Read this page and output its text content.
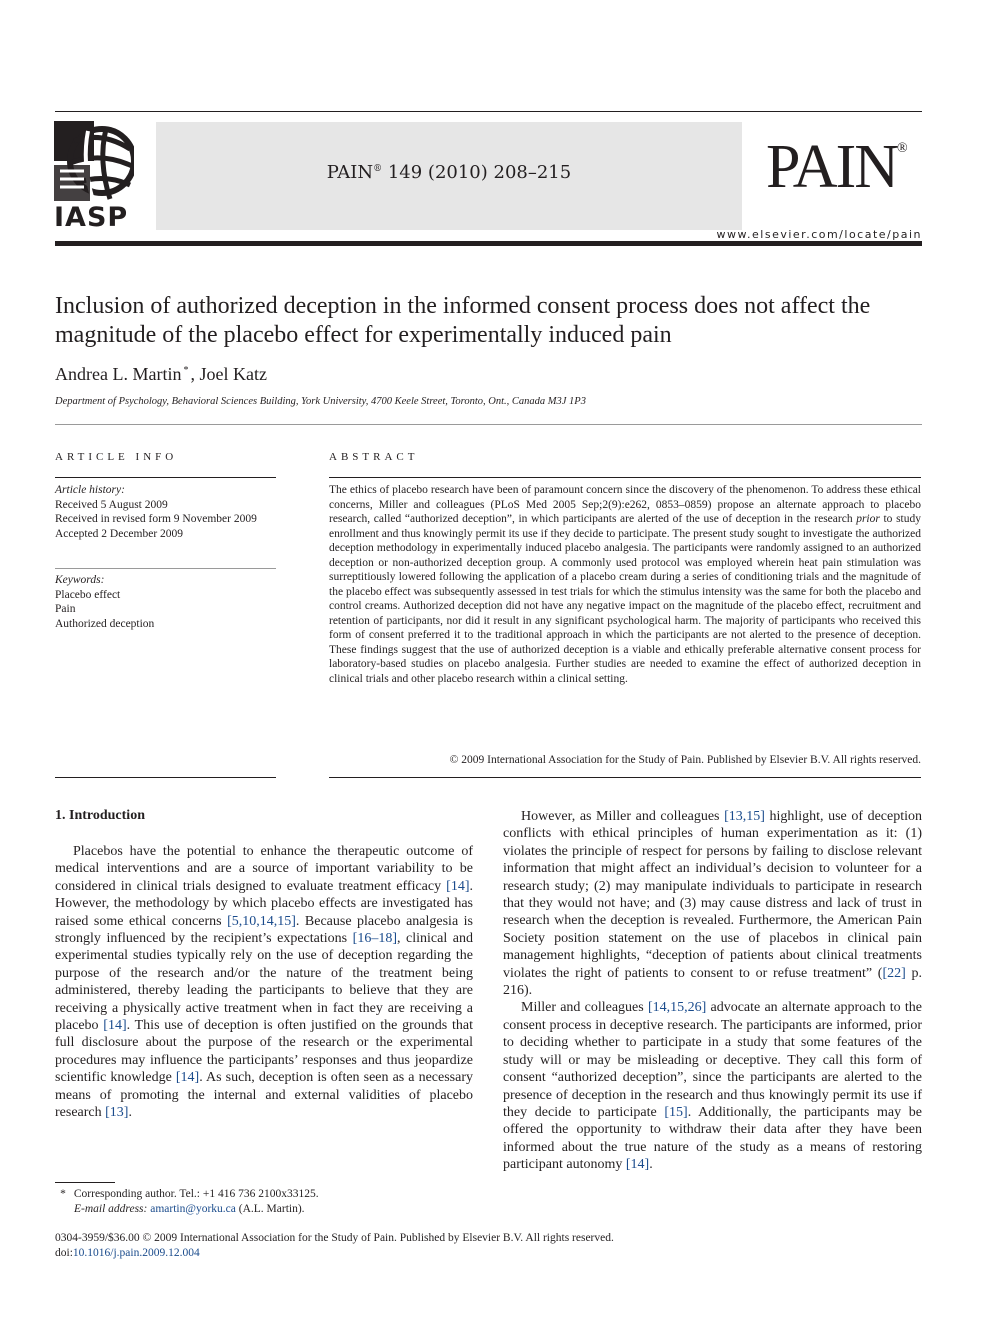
IASP
PAIN® 149 (2010) 208–215	PAIN®
www.elsevier.com/locate/pain
Inclusion of authorized deception in the informed consent process does not affect the magnitude of the placebo effect for experimentally induced pain
Andrea L. Martin * , Joel Katz
Department of Psychology, Behavioral Sciences Building, York University, 4700 Keele Street, Toronto, Ont., Canada M3J 1P3
ARTICLE INFO
Article history:
Received 5 August 2009
Received in revised form 9 November 2009
Accepted 2 December 2009
Keywords:
Placebo effect
Pain
Authorized deception
ABSTRACT
The ethics of placebo research have been of paramount concern since the discovery of the phenomenon. To address these ethical concerns, Miller and colleagues (PLoS Med 2005 Sep;2(9):e262, 0853–0859) propose an alternate approach to placebo research, called “authorized deception”, in which participants are alerted of the use of deception in the research prior to study enrollment and thus knowingly permit its use if they decide to participate. The present study sought to investigate the authorized deception methodology in experimentally induced placebo analgesia. The participants were randomly assigned to an authorized deception or non-authorized deception group. A commonly used protocol was employed wherein heat pain stimulation was surreptitiously lowered following the application of a placebo cream during a series of conditioning trials and the magnitude of the placebo effect was subsequently assessed in test trials for which the stimulus intensity was the same for both the placebo and control creams. Authorized deception did not have any negative impact on the magnitude of the placebo effect, recruitment and retention of participants, nor did it result in any significant psychological harm. The majority of participants who received this form of consent preferred it to the traditional approach in which the participants are not alerted to the presence of deception. These findings suggest that the use of authorized deception is a viable and ethically preferable alternative consent process for laboratory-based studies on placebo analgesia. Further studies are needed to examine the effect of authorized deception in clinical trials and other placebo research within a clinical setting.
© 2009 International Association for the Study of Pain. Published by Elsevier B.V. All rights reserved.
1. Introduction

Placebos have the potential to enhance the therapeutic outcome of medical interventions and are a source of important variability to be considered in clinical trials designed to evaluate treatment efficacy [14]. However, the methodology by which placebo effects are investigated has raised some ethical concerns [5,10,14,15]. Because placebo analgesia is strongly influenced by the recipient’s expectations [16–18], clinical and experimental studies typically rely on the use of deception regarding the purpose of the research and/or the nature of the treatment being administered, thereby leading the participants to believe that they are receiving a physically active treatment when in fact they are receiving a placebo [14]. This use of deception is often justified on the grounds that full disclosure about the purpose of the research or the experimental procedures may influence the participants’ responses and thus jeopardize scientific knowledge [14]. As such, deception is often seen as a necessary means of promoting the internal and external validities of placebo research [13].

However, as Miller and colleagues [13,15] highlight, use of deception conflicts with ethical principles of human experimentation as it: (1) violates the principle of respect for persons by failing to disclose relevant information that might affect an individual’s decision to volunteer for a research study; (2) may manipulate individuals to participate in research that they would not have; and (3) may cause distress and lack of trust in research when the deception is revealed. Furthermore, the American Pain Society position statement on the use of placebos in clinical pain management highlights, “deception of patients about clinical treatments violates the right of patients to consent to or refuse treatment” ([22] p. 216).

Miller and colleagues [14,15,26] advocate an alternate approach to the consent process in deceptive research. The participants are informed, prior to deciding whether to participate in a study that some features of the study will or may be misleading or deceptive. They call this form of consent “authorized deception”, since the participants are alerted to the presence of deception in the research and thus knowingly permit its use if they decide to participate [15]. Additionally, the participants may be offered the opportunity to withdraw their data after they have been informed about the true nature of the study as a means of restoring participant autonomy [14].

* Corresponding author. Tel.: +1 416 736 2100x33125.
E-mail address: amartin@yorku.ca (A.L. Martin).
0304-3959/$36.00 © 2009 International Association for the Study of Pain. Published by Elsevier B.V. All rights reserved.
doi:10.1016/j.pain.2009.12.004
